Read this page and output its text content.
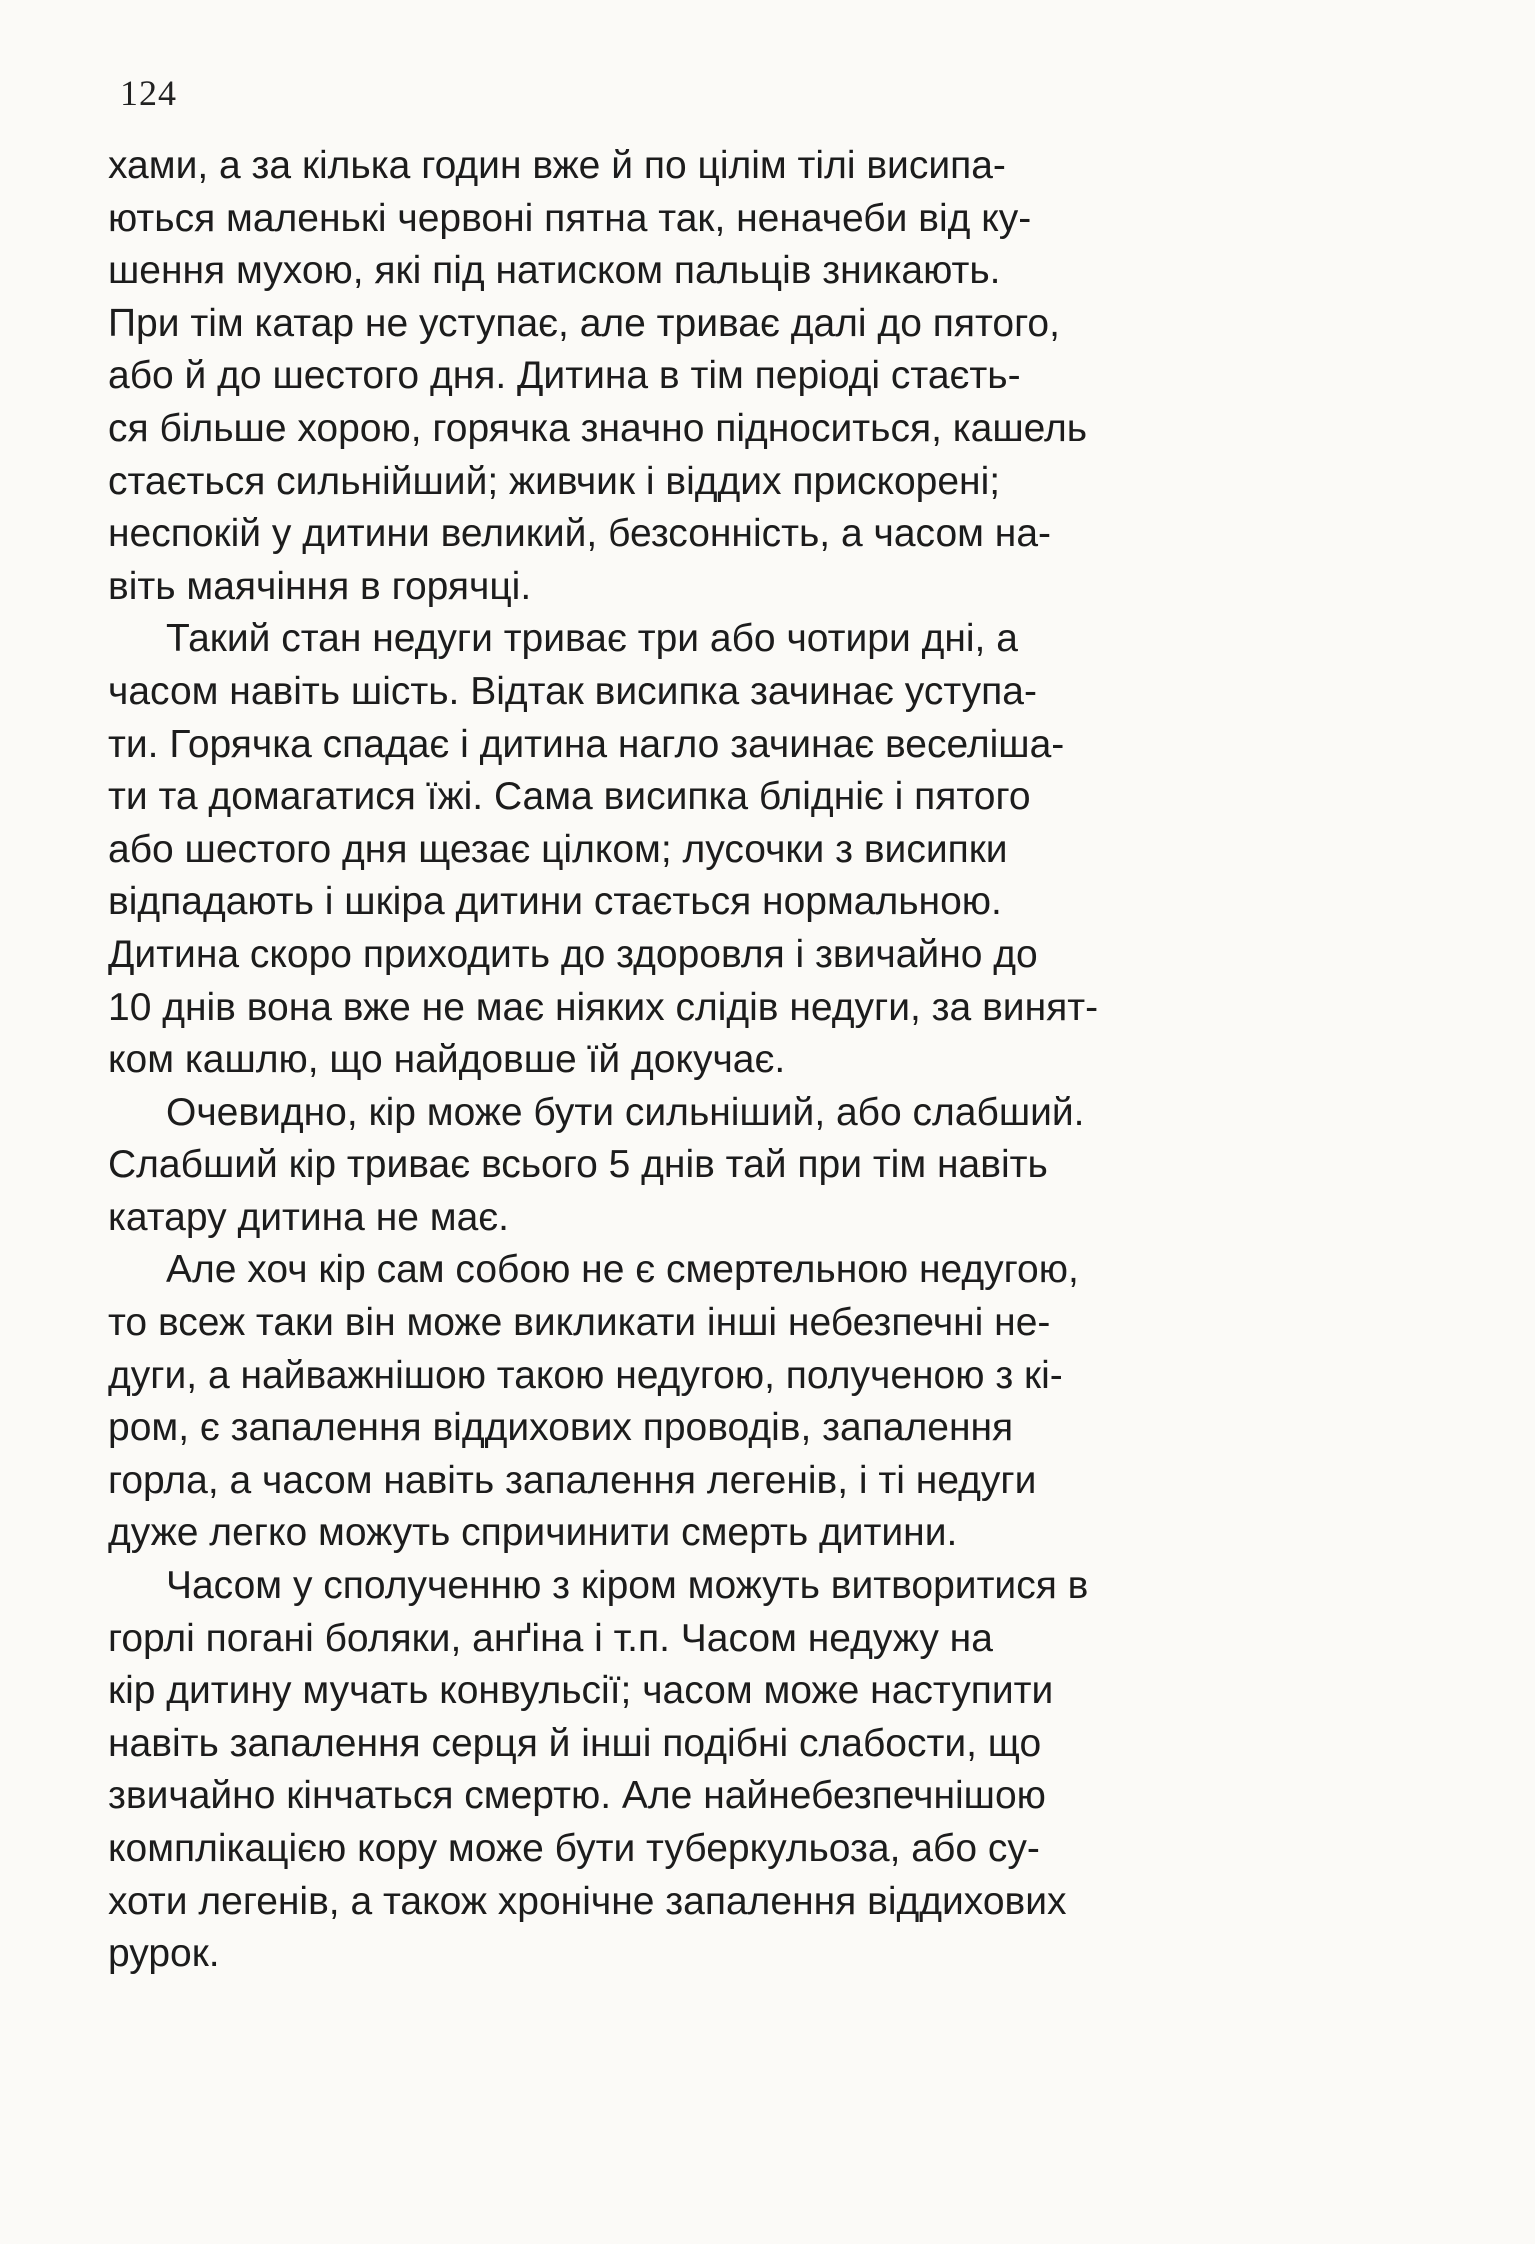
124
хами, а за кілька годин вже й по цілім тілі висипа-
ються маленькі червоні пятна так, неначеби від ку-
шення мухою, які під натиском пальців зникають.
При тім катар не уступає, але триває далі до пятого,
або й до шестого дня. Дитина в тім періоді стаєть-
ся більше хорою, горячка значно підноситься, кашель
стається сильнійший; живчик і віддих прискорені;
неспокій у дитини великий, безсонність, а часом на-
віть маячіння в горячці.
Такий стан недуги триває три або чотири дні, а
часом навіть шість. Відтак висипка зачинає уступа-
ти. Горячка спадає і дитина нагло зачинає веселіша-
ти та домагатися їжі. Сама висипка блідніє і пятого
або шестого дня щезає цілком; лусочки з висипки
відпадають і шкіра дитини стається нормальною.
Дитина скоро приходить до здоровля і звичайно до
10 днів вона вже не має ніяких слідів недуги, за винят-
ком кашлю, що найдовше їй докучає.
Очевидно, кір може бути сильніший, або слабший.
Слабший кір триває всього 5 днів тай при тім навіть
катару дитина не має.
Але хоч кір сам собою не є смертельною недугою,
то всеж таки він може викликати інші небезпечні не-
дуги, а найважнішою такою недугою, полученою з кі-
ром, є запалення віддихових проводів, запалення
горла, а часом навіть запалення легенів, і ті недуги
дуже легко можуть спричинити смерть дитини.
Часом у сполученню з кіром можуть витворитися в
горлі погані боляки, анґіна і т.п. Часом недужу на
кір дитину мучать конвульсії; часом може наступити
навіть запалення серця й інші подібні слабости, що
звичайно кінчаться смертю. Але найнебезпечнішою
комплікацією кору може бути туберкульоза, або су-
хоти легенів, а також хронічне запалення віддихових
рурок.
